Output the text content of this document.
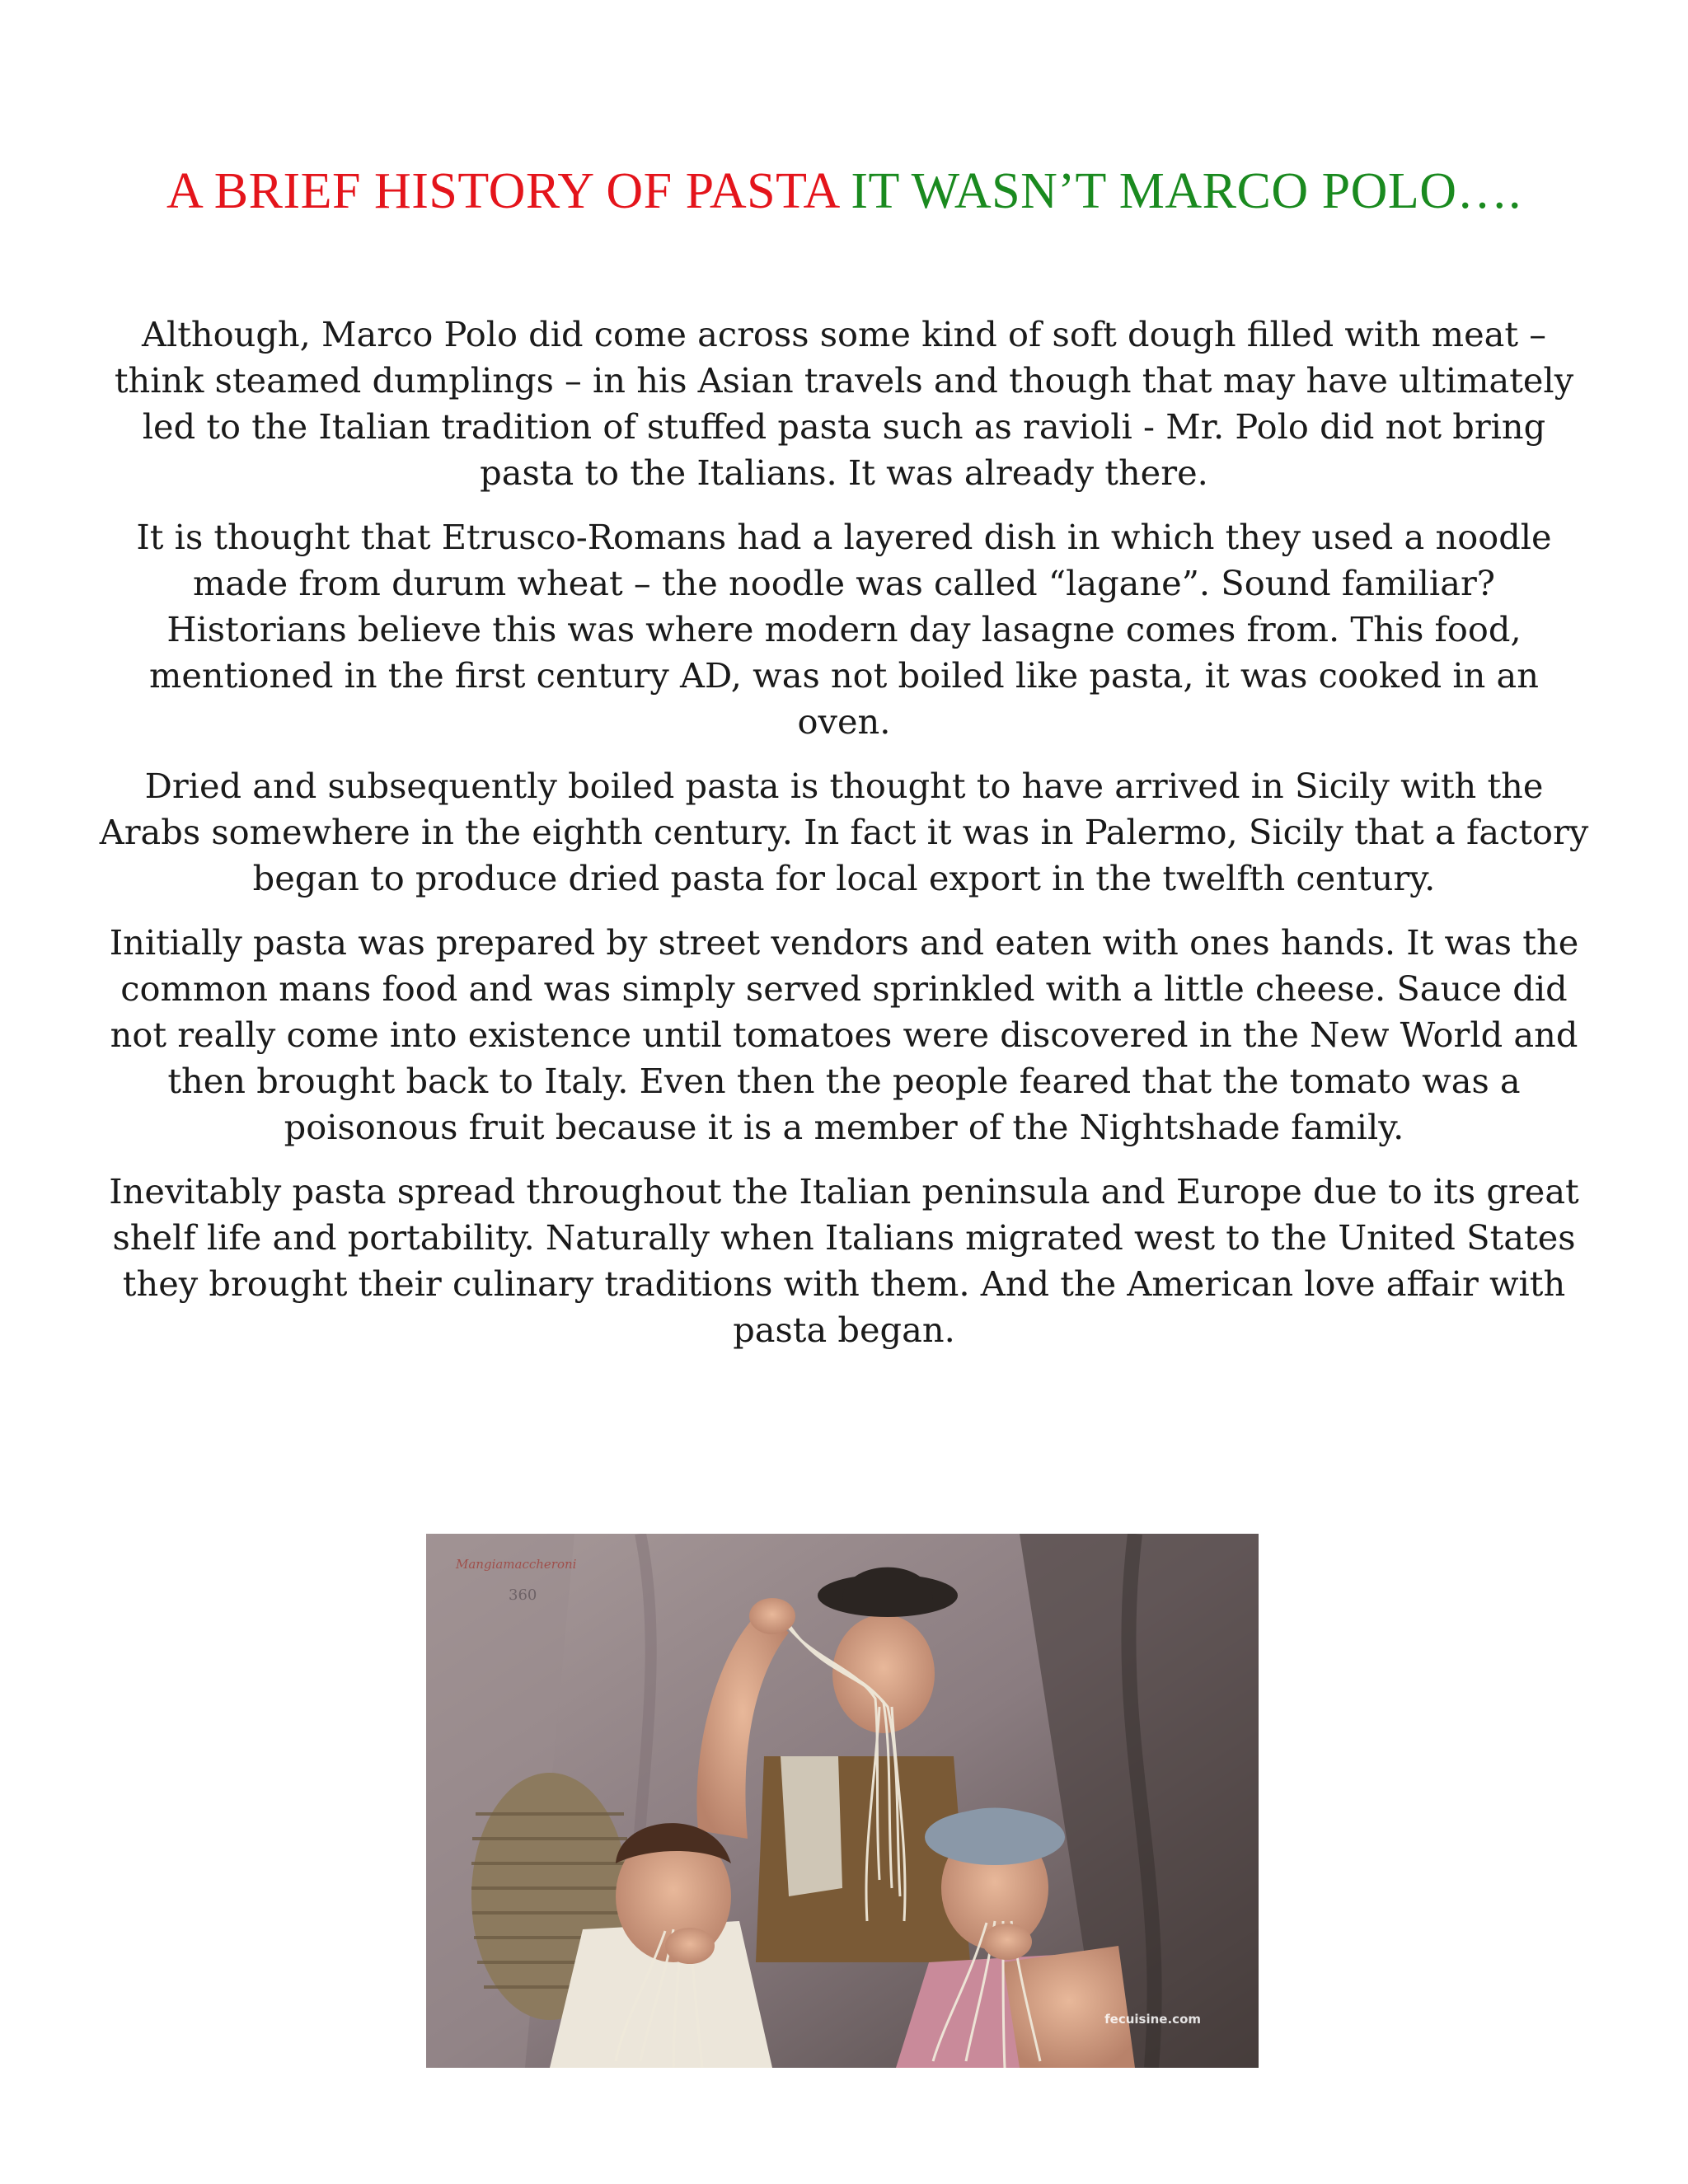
A BRIEF HISTORY OF PASTA IT WASN’T MARCO POLO….

Although, Marco Polo did come across some kind of soft dough filled with meat – think steamed dumplings – in his Asian travels and though that may have ultimately led to the Italian tradition of stuffed pasta such as ravioli - Mr. Polo did not bring pasta to the Italians. It was already there.

It is thought that Etrusco-Romans had a layered dish in which they used a noodle made from durum wheat – the noodle was called “lagane”. Sound familiar? Historians believe this was where modern day lasagne comes from. This food, mentioned in the first century AD, was not boiled like pasta, it was cooked in an oven.

Dried and subsequently boiled pasta is thought to have arrived in Sicily with the Arabs somewhere in the eighth century. In fact it was in Palermo, Sicily that a factory began to produce dried pasta for local export in the twelfth century.

Initially pasta was prepared by street vendors and eaten with ones hands. It was the common mans food and was simply served sprinkled with a little cheese. Sauce did not really come into existence until tomatoes were discovered in the New World and then brought back to Italy. Even then the people feared that the tomato was a poisonous fruit because it is a member of the Nightshade family.

Inevitably pasta spread throughout the Italian peninsula and Europe due to its great shelf life and portability. Naturally when Italians migrated west to the United States they brought their culinary traditions with them. And the American love affair with pasta began.

Mangiamaccheroni
360
fecuisine.com
